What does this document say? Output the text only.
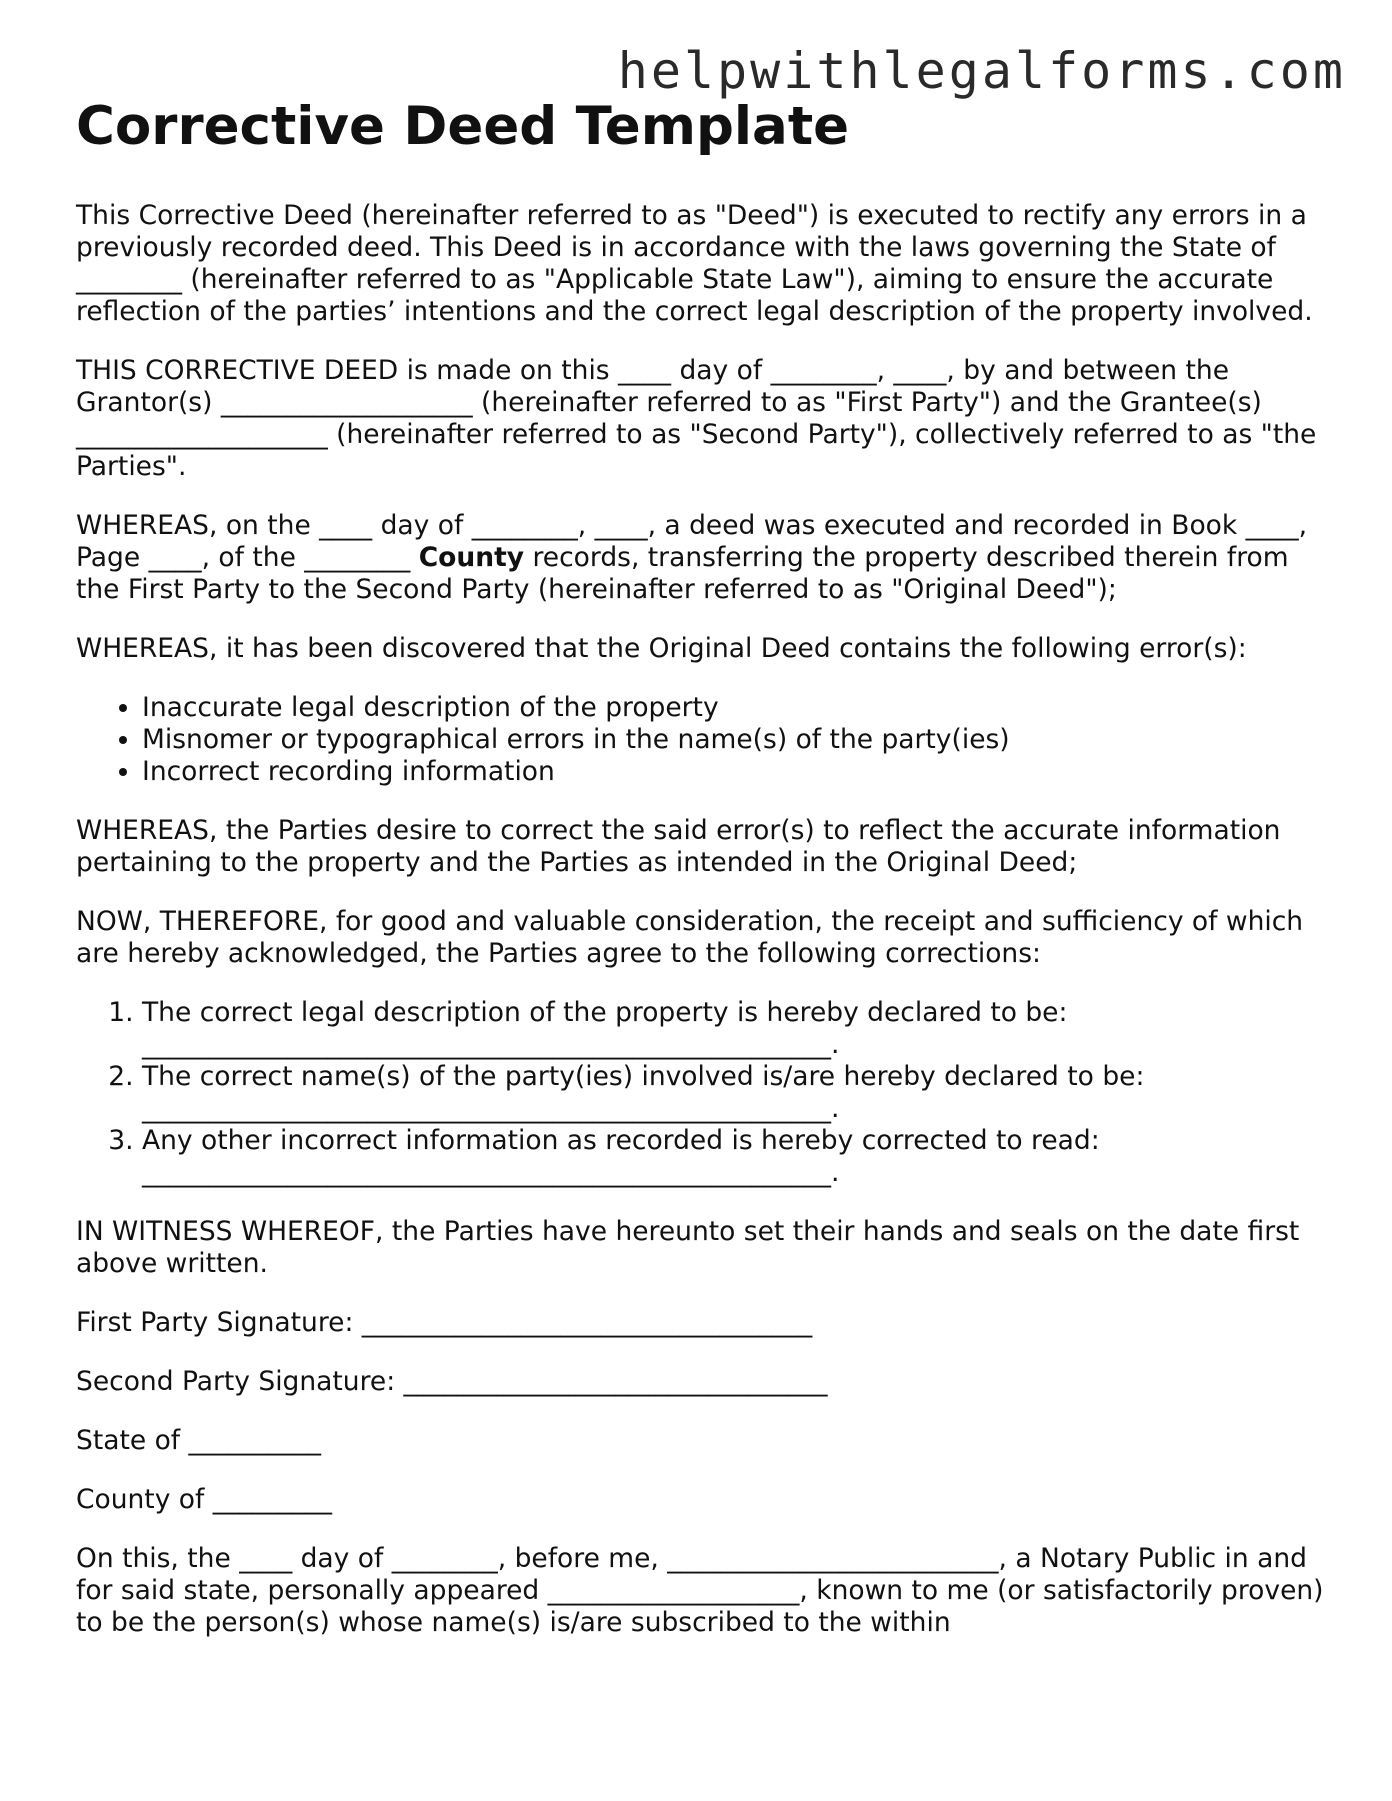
helpwithlegalforms.com
Corrective Deed Template

This Corrective Deed (hereinafter referred to as "Deed") is executed to rectify any errors in a previously recorded deed. This Deed is in accordance with the laws governing the State of ________ (hereinafter referred to as "Applicable State Law"), aiming to ensure the accurate reflection of the parties’ intentions and the correct legal description of the property involved.

THIS CORRECTIVE DEED is made on this ____ day of ________, ____, by and between the Grantor(s) ___________________ (hereinafter referred to as "First Party") and the Grantee(s) ___________________ (hereinafter referred to as "Second Party"), collectively referred to as "the Parties".

WHEREAS, on the ____ day of ________, ____, a deed was executed and recorded in Book ____, Page ____, of the ________ County records, transferring the property described therein from the First Party to the Second Party (hereinafter referred to as "Original Deed");

WHEREAS, it has been discovered that the Original Deed contains the following error(s):

• Inaccurate legal description of the property
• Misnomer or typographical errors in the name(s) of the party(ies)
• Incorrect recording information

WHEREAS, the Parties desire to correct the said error(s) to reflect the accurate information pertaining to the property and the Parties as intended in the Original Deed;

NOW, THEREFORE, for good and valuable consideration, the receipt and sufficiency of which are hereby acknowledged, the Parties agree to the following corrections:

1. The correct legal description of the property is hereby declared to be:
____________________________________________________.
2. The correct name(s) of the party(ies) involved is/are hereby declared to be:
____________________________________________________.
3. Any other incorrect information as recorded is hereby corrected to read:
____________________________________________________.

IN WITNESS WHEREOF, the Parties have hereunto set their hands and seals on the date first above written.

First Party Signature: __________________________________

Second Party Signature: ________________________________

State of __________

County of _________

On this, the ____ day of ________, before me, _________________________, a Notary Public in and for said state, personally appeared ___________________, known to me (or satisfactorily proven) to be the person(s) whose name(s) is/are subscribed to the within
